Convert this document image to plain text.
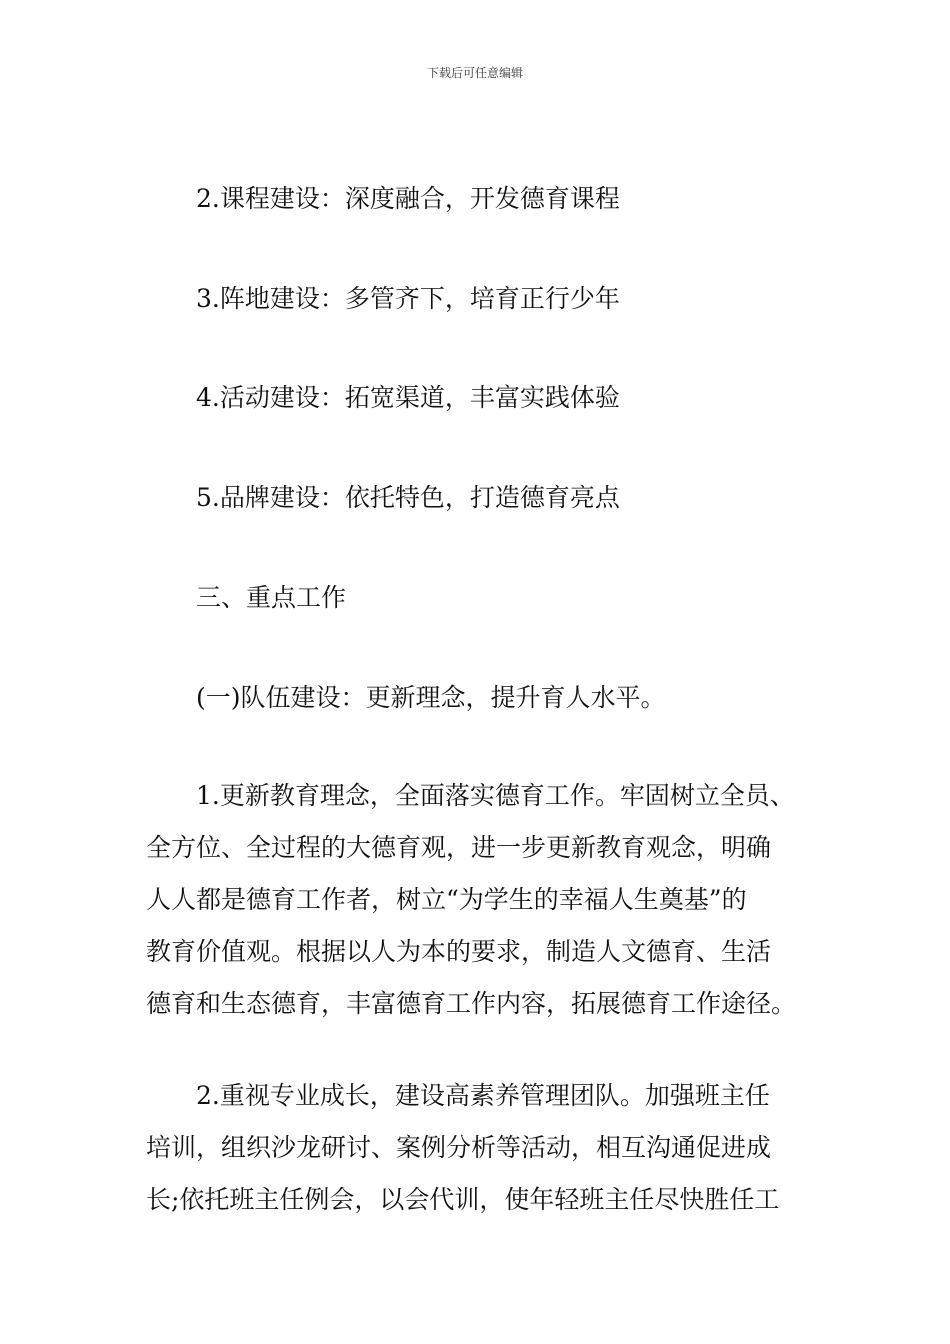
下载后可任意编辑
2.课程建设：深度融合，开发德育课程
3.阵地建设：多管齐下，培育正行少年
4.活动建设：拓宽渠道，丰富实践体验
5.品牌建设：依托特色，打造德育亮点
三、重点工作
(一)队伍建设：更新理念，提升育人水平。
　　1.更新教育理念，全面落实德育工作。牢固树立全员、
全方位、全过程的大德育观，进一步更新教育观念，明确
人人都是德育工作者，树立“为学生的幸福人生奠基”的
教育价值观。根据以人为本的要求，制造人文德育、生活
德育和生态德育，丰富德育工作内容，拓展德育工作途径。
　　2.重视专业成长，建设高素养管理团队。加强班主任
培训，组织沙龙研讨、案例分析等活动，相互沟通促进成
长;依托班主任例会，以会代训，使年轻班主任尽快胜任工
